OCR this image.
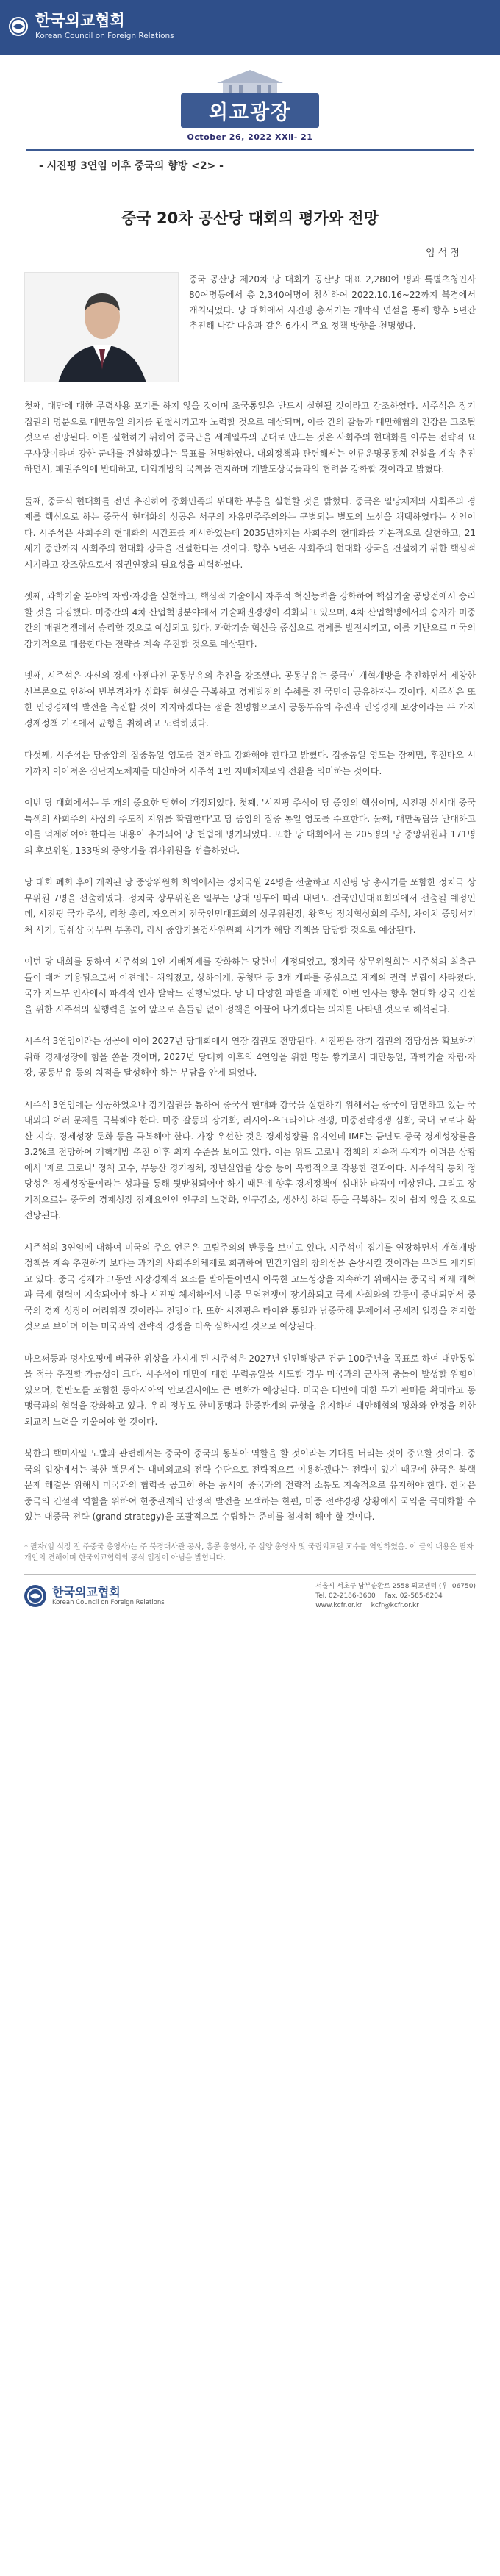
한국외교협회
Korean Council on Foreign Relations
외교광장
October 26, 2022 ⅩⅩⅡ- 21
- 시진핑 3연임 이후 중국의 향방 <2> -
중국 20차 공산당 대회의 평가와 전망
임 석 정
중국 공산당 제20차 당 대회가 공산당 대표 2,280여 명과 특별초청인사 80여명등에서 총 2,340여명이 참석하여 2022.10.16~22까지 북경에서 개최되었다. 당 대회에서 시진핑 총서기는 개막식 연설을 통해 향후 5년간 추진해 나갈 다음과 같은 6가지 주요 정책 방향을 천명했다.

첫째, 대만에 대한 무력사용 포기를 하지 않을 것이며 조국통일은 반드시 실현될 것이라고 강조하였다. 시주석은 장기집권의 명분으로 대만통일 의지를 관철시키고자 노력할 것으로 예상되며, 이를 간의 갈등과 대만해협의 긴장은 고조될 것으로 전망된다. 이를 실현하기 위하여 중국군을 세계일류의 군대로 만드는 것은 사회주의 현대화를 이루는 전략적 요구사항이라며 강한 군대를 건설하겠다는 목표를 천명하였다. 대외정책과 관련해서는 인류운명공동체 건설을 계속 추진하면서, 패권주의에 반대하고, 대외개방의 국책을 견지하며 개발도상국들과의 협력을 강화할 것이라고 밝혔다.

둘째, 중국식 현대화를 전면 추진하여 중화민족의 위대한 부흥을 실현할 것을 밝혔다. 중국은 일당체제와 사회주의 경제를 핵심으로 하는 중국식 현대화의 성공은 서구의 자유민주주의와는 구별되는 별도의 노선을 채택하였다는 선언이다. 시주석은 사회주의 현대화의 시간표를 제시하였는데 2035년까지는 사회주의 현대화를 기본적으로 실현하고, 21세기 중반까지 사회주의 현대화 강국을 건설한다는 것이다. 향후 5년은 사회주의 현대화 강국을 건설하기 위한 핵심적 시기라고 강조함으로서 집권연장의 필요성을 피력하였다.

셋째, 과학기술 분야의 자립·자강을 실현하고, 핵심적 기술에서 자주적 혁신능력을 강화하여 핵심기술 공방전에서 승리할 것을 다짐했다. 미중간의 4차 산업혁명분야에서 기술패권경쟁이 격화되고 있으며, 4차 산업혁명에서의 승자가 미중간의 패권경쟁에서 승리할 것으로 예상되고 있다. 과학기술 혁신을 중심으로 경제를 발전시키고, 이를 기반으로 미국의 장기적으로 대응한다는 전략을 계속 추진할 것으로 예상된다.

넷째, 시주석은 자신의 경제 아젠다인 공동부유의 추진을 강조했다. 공동부유는 중국이 개혁개방을 추진하면서 제창한 선부론으로 인하여 빈부격차가 심화된 현실을 극복하고 경제발전의 수혜를 전 국민이 공유하자는 것이다. 시주석은 또한 민영경제의 발전을 촉진할 것이 지지하겠다는 점을 천명함으로서 공동부유의 추진과 민영경제 보장이라는 두 가지 경제정책 기조에서 균형을 취하려고 노력하였다.

다섯째, 시주석은 당중앙의 집중통일 영도를 견지하고 강화해야 한다고 밝혔다. 집중통일 영도는 장쩌민, 후진타오 시기까지 이어져온 집단지도체제를 대신하여 시주석 1인 지배체제로의 전환을 의미하는 것이다.

이번 당 대회에서는 두 개의 중요한 당헌이 개정되었다. 첫째, '시진핑 주석이 당 중앙의 핵심이며, 시진핑 신시대 중국 특색의 사회주의 사상의 주도적 지위를 확립한다'고 당 중앙의 집중 통일 영도를 수호한다. 둘째, 대만독립을 반대하고 이를 억제하여야 한다는 내용이 추가되어 당 헌법에 명기되었다. 또한 당 대회에서 는 205명의 당 중앙위원과 171명의 후보위원, 133명의 중앙기율 검사위원을 선출하였다.

당 대회 폐회 후에 개최된 당 중앙위원회 회의에서는 정치국원 24명을 선출하고 시진핑 당 총서기를 포함한 정치국 상무위원 7명을 선출하였다. 정치국 상무위원은 일부는 당대 임무에 따라 내년도 전국인민대표회의에서 선출될 예정인데, 시진핑 국가 주석, 리창 총리, 자오러지 전국인민대표회의 상무위원장, 왕후닝 정치협상회의 주석, 차이치 중앙서기처 서기, 딩쉐샹 국무원 부총리, 리시 중앙기율검사위원회 서기가 해당 직책을 담당할 것으로 예상된다.

이번 당 대회를 통하여 시주석의 1인 지배체제를 강화하는 당헌이 개정되었고, 정치국 상무위원회는 시주석의 최측근들이 대거 기용됨으로써 이견에는 채워졌고, 상하이계, 공청단 등 3개 계파를 중심으로 체제의 권력 분립이 사라졌다. 국가 지도부 인사에서 파격적 인사 발탁도 진행되었다. 당 내 다양한 파벌을 배제한 이번 인사는 향후 현대화 강국 건설을 위한 시주석의 실행력을 높여 앞으로 흔들림 없이 정책을 이끌어 나가겠다는 의지를 나타낸 것으로 해석된다.

시주석 3연임이라는 성공에 이어 2027년 당대회에서 연장 집권도 전망된다. 시진핑은 장기 집권의 정당성을 확보하기 위해 경제성장에 힘을 쏟을 것이며, 2027년 당대회 이후의 4연임을 위한 명분 쌓기로서 대만통일, 과학기술 자립·자강, 공동부유 등의 치적을 달성해야 하는 부담을 안게 되었다.

시주석 3연임에는 성공하였으나 장기집권을 통하여 중국식 현대화 강국을 실현하기 위해서는 중국이 당면하고 있는 국내외의 여러 문제를 극복해야 한다. 미중 갈등의 장기화, 러시아-우크라이나 전쟁, 미중전략경쟁 심화, 국내 코로나 확산 지속, 경제성장 둔화 등을 극복해야 한다. 가장 우선한 것은 경제성장률 유지인데 IMF는 금년도 중국 경제성장률을 3.2%로 전망하여 개혁개방 추진 이후 최저 수준을 보이고 있다. 이는 위드 코로나 정책의 지속적 유지가 어려운 상황에서 '제로 코로나' 정책 고수, 부동산 경기침체, 청년실업률 상승 등이 복합적으로 작용한 결과이다. 시주석의 통치 정당성은 경제성장률이라는 성과를 통해 뒷받침되어야 하기 때문에 향후 경제정책에 심대한 타격이 예상된다. 그리고 장기적으로는 중국의 경제성장 잠재요인인 인구의 노령화, 인구감소, 생산성 하락 등을 극복하는 것이 쉽지 않을 것으로 전망된다.

시주석의 3연임에 대하여 미국의 주요 언론은 고립주의의 반등을 보이고 있다. 시주석이 집기를 연장하면서 개혁개방 정책을 계속 추진하기 보다는 과거의 사회주의체제로 회귀하여 민간기업의 창의성을 손상시킬 것이라는 우려도 제기되고 있다. 중국 경제가 그동안 시장경제적 요소를 받아들이면서 이룩한 고도성장을 지속하기 위해서는 중국의 체제 개혁과 국제 협력이 지속되어야 하나 시진핑 체제하에서 미중 무역전쟁이 장기화되고 국제 사회와의 갈등이 증대되면서 중국의 경제 성장이 어려워질 것이라는 전망이다. 또한 시진핑은 타이완 통일과 남중국해 문제에서 공세적 입장을 견지할 것으로 보이며 이는 미국과의 전략적 경쟁을 더욱 심화시킬 것으로 예상된다.

마오쩌둥과 덩샤오핑에 버금한 위상을 가지게 된 시주석은 2027년 인민해방군 건군 100주년을 목표로 하여 대만통일을 적극 추진할 가능성이 크다. 시주석이 대만에 대한 무력통일을 시도할 경우 미국과의 군사적 충돌이 발생할 위험이 있으며, 한반도를 포함한 동아시아의 안보질서에도 큰 변화가 예상된다. 미국은 대만에 대한 무기 판매를 확대하고 동맹국과의 협력을 강화하고 있다. 우리 정부도 한미동맹과 한중관계의 균형을 유지하며 대만해협의 평화와 안정을 위한 외교적 노력을 기울여야 할 것이다.

북한의 핵미사일 도발과 관련해서는 중국이 중국의 동북아 역할을 할 것이라는 기대를 버리는 것이 중요할 것이다. 중국의 입장에서는 북한 핵문제는 대미외교의 전략 수단으로 전략적으로 이용하겠다는 전략이 있기 때문에 한국은 북핵문제 해결을 위해서 미국과의 협력을 공고히 하는 동시에 중국과의 전략적 소통도 지속적으로 유지해야 한다. 한국은 중국의 건설적 역할을 위하여 한중관계의 안정적 발전을 모색하는 한편, 미중 전략경쟁 상황에서 국익을 극대화할 수 있는 대중국 전략 (grand strategy)을 포괄적으로 수립하는 준비를 철저히 해야 할 것이다.

* 필자(임 석정 전 주중국 총영사)는 주 북경대사관 공사, 홍콩 총영사, 주 심양 총영사 및 국립외교원 교수를 역임하였음. 이 글의 내용은 필자 개인의 견해이며 한국외교협회의 공식 입장이 아님을 밝힘니다.
한국외교협회
Korean Council on Foreign Relations
서울시 서초구 남부순환로 2558 외교센터 (우. 06750)
Tel. 02-2186-3600 Fax. 02-585-6204
www.kcfr.or.kr kcfr@kcfr.or.kr
